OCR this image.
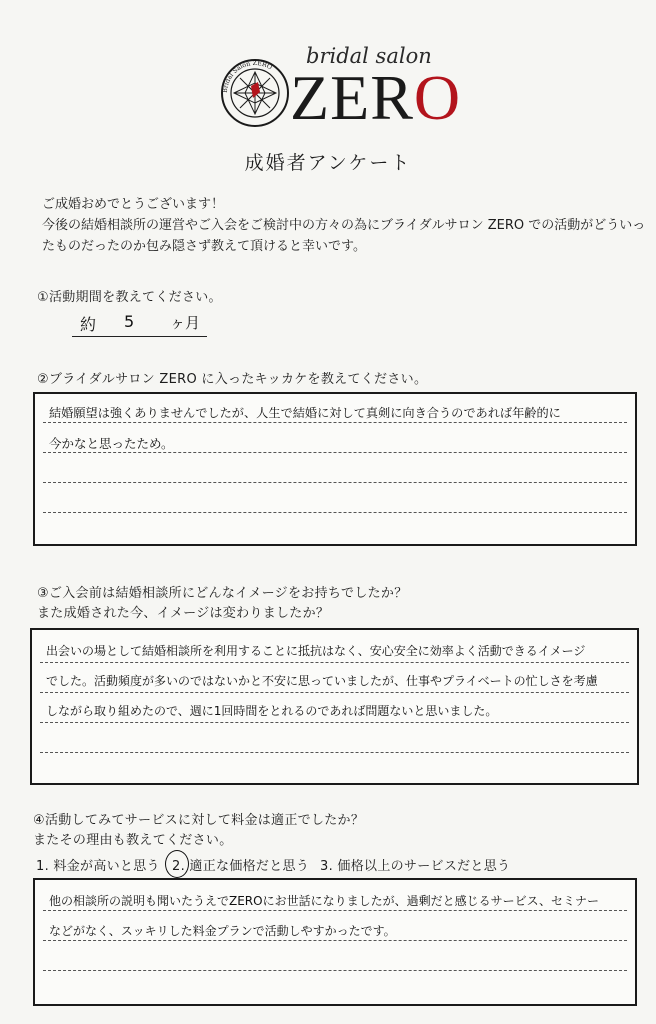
Bridal Salon ZERO bridal salon
ZERO
成婚者アンケート
ご成婚おめでとうございます！
今後の結婚相談所の運営やご入会をご検討中の方々の為にブライダルサロン ZERO での活動がどういっ
たものだったのか包み隠さず教えて頂けると幸いです。
①活動期間を教えてください。
約 5 ヶ月
②ブライダルサロン ZERO に入ったキッカケを教えてください。
結婚願望は強くありませんでしたが、人生で結婚に対して真剣に向き合うのであれば年齢的に
今かなと思ったため。
③ご入会前は結婚相談所にどんなイメージをお持ちでしたか？
また成婚された今、イメージは変わりましたか？
出会いの場として結婚相談所を利用することに抵抗はなく、安心安全に効率よく活動できるイメージ
でした。活動頻度が多いのではないかと不安に思っていましたが、仕事やプライベートの忙しさを考慮
しながら取り組めたので、週に1回時間をとれるのであれば問題ないと思いました。
④活動してみてサービスに対して料金は適正でしたか？
またその理由も教えてください。
1. 料金が高いと思う 2. 適正な価格だと思う 3. 価格以上のサービスだと思う
他の相談所の説明も聞いたうえでZEROにお世話になりましたが、過剰だと感じるサービス、セミナー
などがなく、スッキリした料金プランで活動しやすかったです。
